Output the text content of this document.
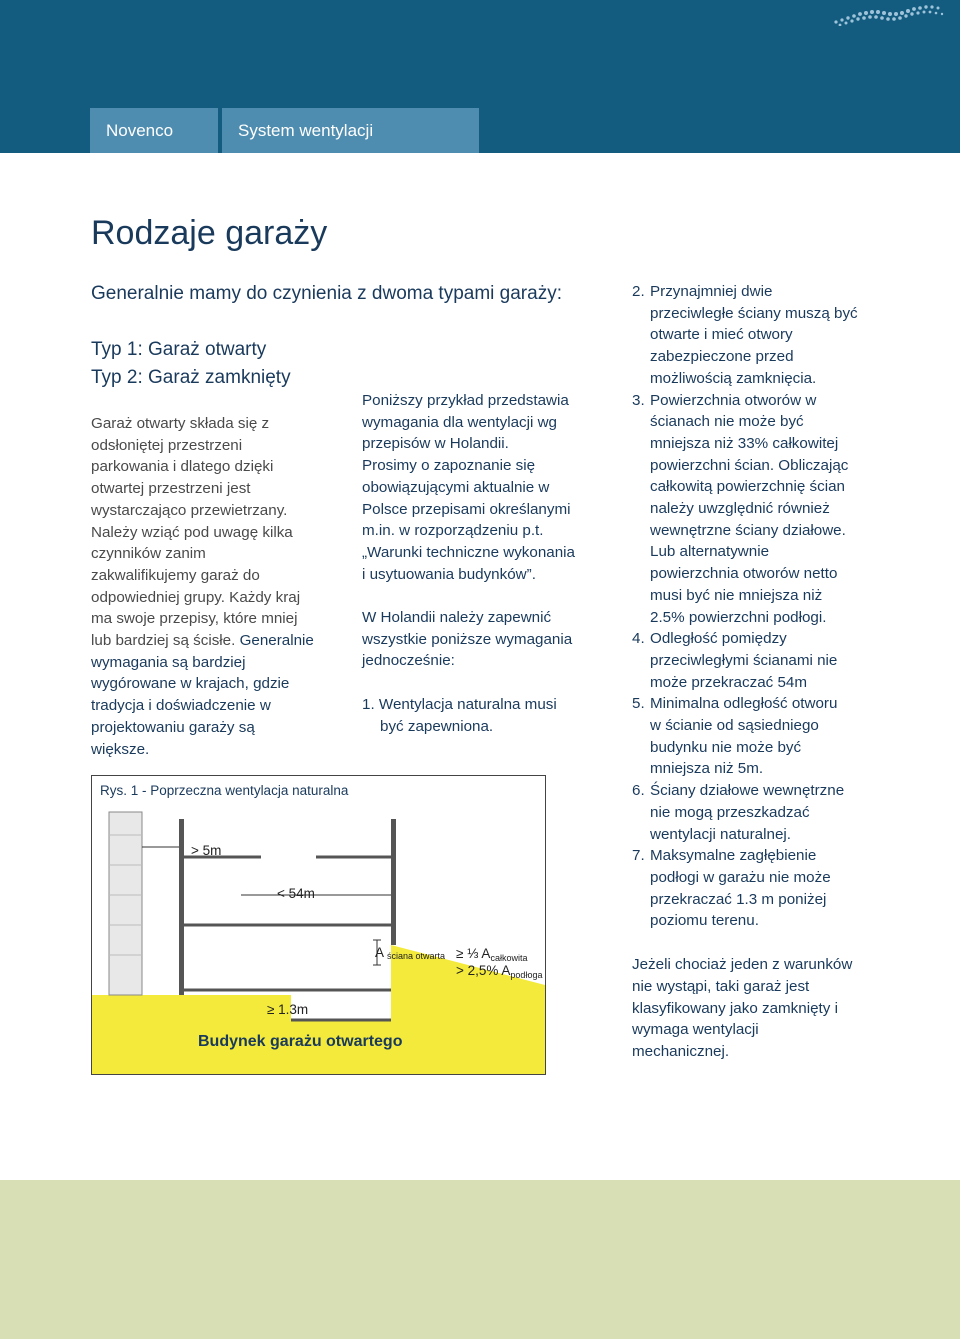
Novenco	System wentylacji parkingowej
Rodzaje garaży
Generalnie mamy do czynienia z dwoma typami garaży:
Typ 1: Garaż otwarty
Typ 2: Garaż zamknięty

Garaż otwarty składa się z

odsłoniętej przestrzeni

parkowania i dlatego dzięki

otwartej przestrzeni jest

wystarczająco przewietrzany.

Należy wziąć pod uwagę kilka

czynników zanim

zakwalifikujemy garaż do

odpowiedniej grupy. Każdy kraj

ma swoje przepisy, które mniej

lub bardziej są ścisłe. Generalnie

wymagania są bardziej

wygórowane w krajach, gdzie

tradycja i doświadczenie w

projektowaniu garaży są

większe.

Poniższy przykład przedstawia

wymagania dla wentylacji wg

przepisów w Holandii.

Prosimy o zapoznanie się

obowiązującymi aktualnie w

Polsce przepisami określanymi

m.in. w rozporządzeniu p.t.

„Warunki techniczne wykonania

i usytuowania budynków”.

W Holandii należy zapewnić

wszystkie poniższe wymagania

jednocześnie:

1. Wentylacja naturalna musi

być zapewniona.

2. Przynajmniej dwie

przeciwległe ściany muszą być

otwarte i mieć otwory

zabezpieczone przed

możliwością zamknięcia.

3. Powierzchnia otworów w

ścianach nie może być

mniejsza niż 33% całkowitej

powierzchni ścian. Obliczając

całkowitą powierzchnię ścian

należy uwzględnić również

wewnętrzne ściany działowe.

Lub alternatywnie

powierzchnia otworów netto

musi być nie mniejsza niż

2.5% powierzchni podłogi.

4. Odległość pomiędzy

przeciwległymi ścianami nie

może przekraczać 54m

5. Minimalna odległość otworu

w ścianie od sąsiedniego

budynku nie może być

mniejsza niż 5m.

6. Ściany działowe wewnętrzne

nie mogą przeszkadzać

wentylacji naturalnej.

7. Maksymalne zagłębienie

podłogi w garażu nie może

przekraczać 1.3 m poniżej

poziomu terenu.

Jeżeli chociaż jeden z warunków

nie wystąpi, taki garaż jest

klasyfikowany jako zamknięty i

wymaga wentylacji

mechanicznej.

Rys. 1 - Poprzeczna wentylacja naturalna
> 5m
< 54m
Aściana otwarta ≥ ⅓ $A_{całkowita}$
> 2,5% $A_{podłoga}$
≥ 1.3m
Budynek garażu otwartego
